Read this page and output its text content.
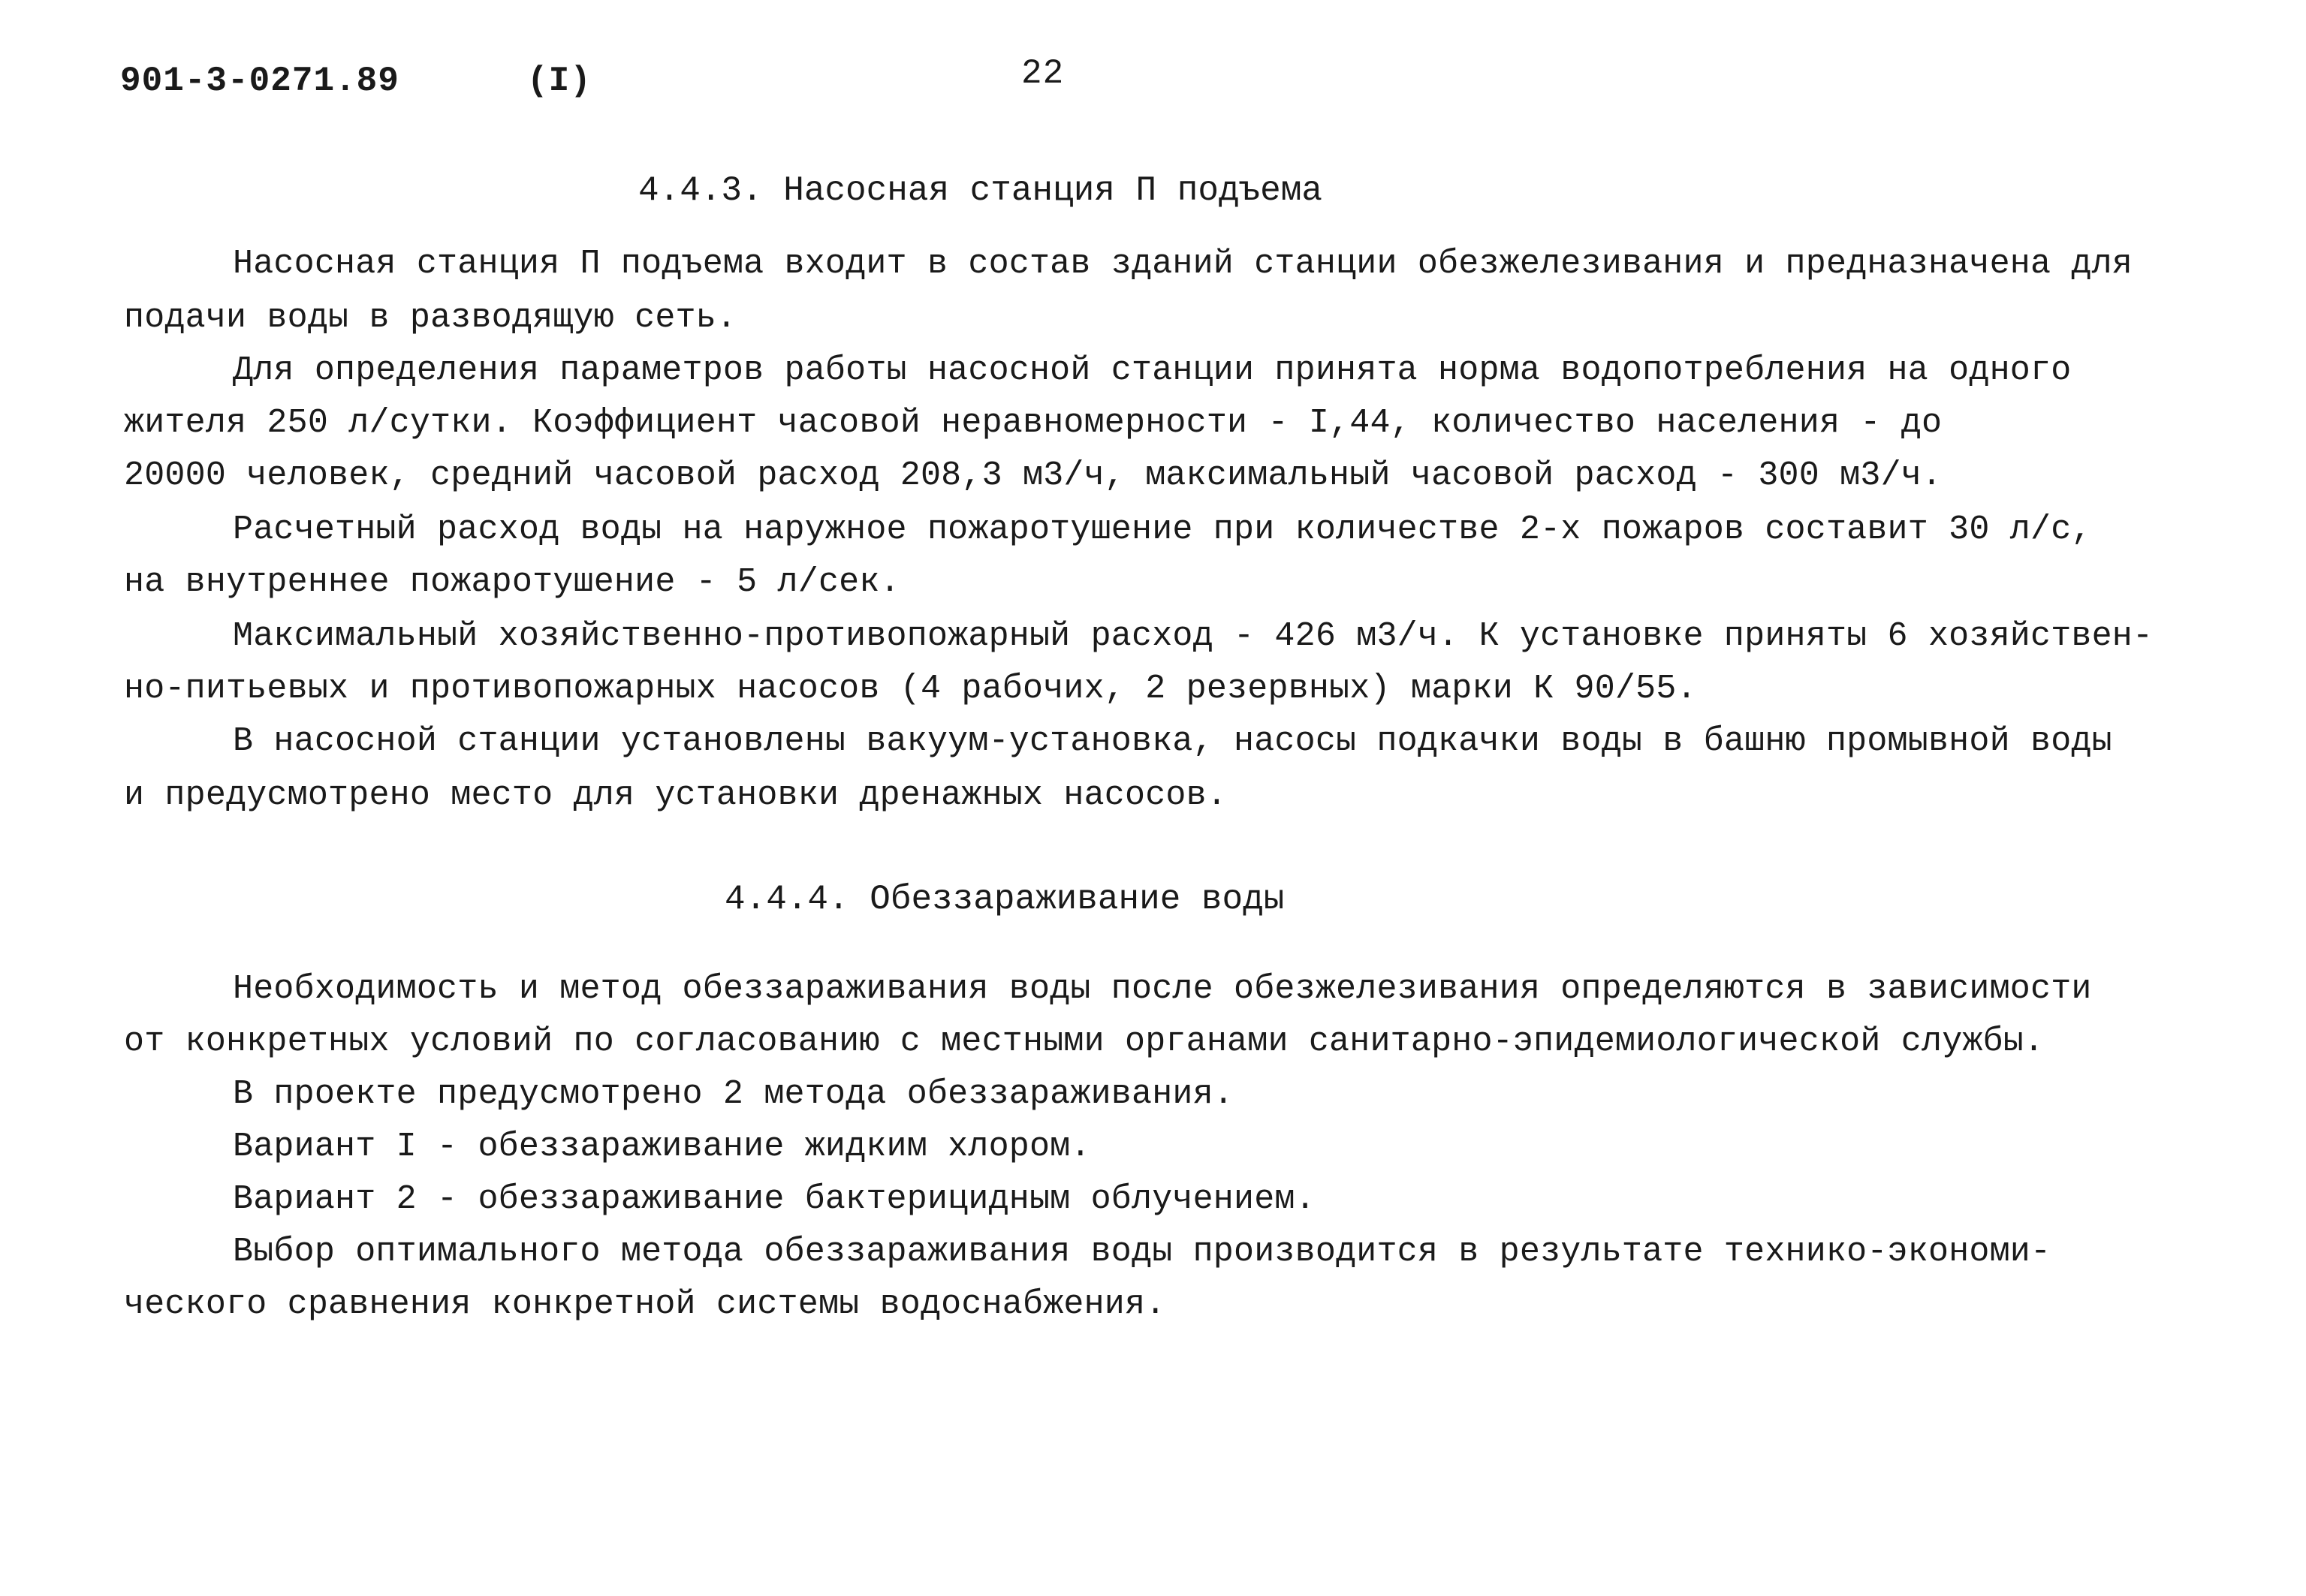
901-3-0271.89	(I)	22
4.4.3. Насосная станция П подъема
Насосная станция П подъема входит в состав зданий станции обезжелезивания и предназначена для
подачи воды в разводящую сеть.
Для определения параметров работы насосной станции принята норма водопотребления на одного
жителя 250 л/сутки. Коэффициент часовой неравномерности - I,44, количество населения - до
20000 человек, средний часовой расход 208,3 м3/ч, максимальный часовой расход - 300 м3/ч.
Расчетный расход воды на наружное пожаротушение при количестве 2-х пожаров составит 30 л/с,
на внутреннее пожаротушение - 5 л/сек.
Максимальный хозяйственно-противопожарный расход - 426 м3/ч. К установке приняты 6 хозяйствен-
но-питьевых и противопожарных насосов (4 рабочих, 2 резервных) марки К 90/55.
В насосной станции установлены вакуум-установка, насосы подкачки воды в башню промывной воды
и предусмотрено место для установки дренажных насосов.
4.4.4. Обеззараживание воды
Необходимость и метод обеззараживания воды после обезжелезивания определяются в зависимости
от конкретных условий по согласованию с местными органами санитарно-эпидемиологической службы.
В проекте предусмотрено 2 метода обеззараживания.
Вариант I - обеззараживание жидким хлором.
Вариант 2 - обеззараживание бактерицидным облучением.
Выбор оптимального метода обеззараживания воды производится в результате технико-экономи-
ческого сравнения конкретной системы водоснабжения.
